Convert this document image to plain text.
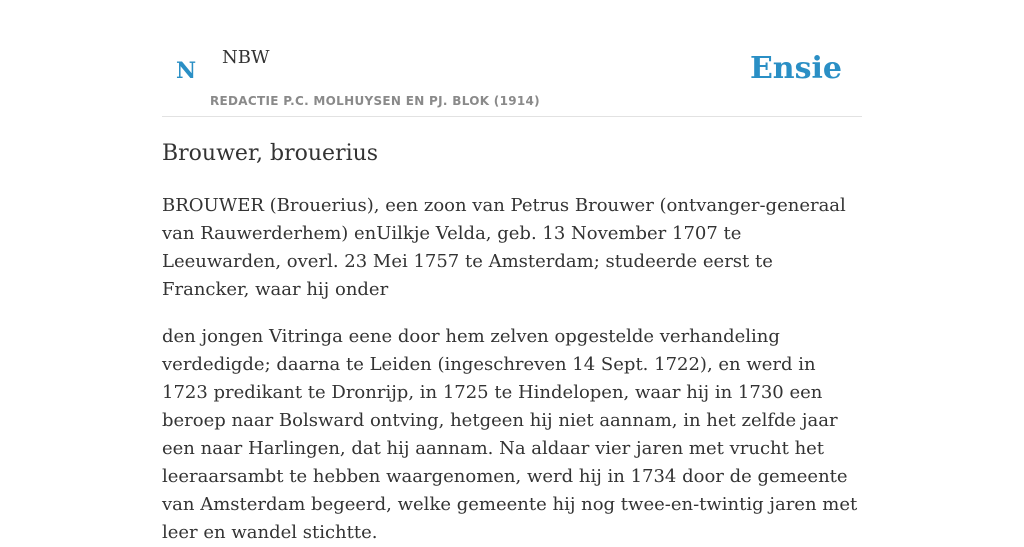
N
NBW
REDACTIE P.C. MOLHUYSEN EN PJ. BLOK (1914)
Ensie
Brouwer, brouerius

BROUWER (Brouerius), een zoon van Petrus Brouwer (ontvanger-generaal van Rauwerderhem) enUilkje Velda, geb. 13 November 1707 te Leeuwarden, overl. 23 Mei 1757 te Amsterdam; studeerde eerst te Francker, waar hij onder

den jongen Vitringa eene door hem zelven opgestelde verhandeling verdedigde; daarna te Leiden (ingeschreven 14 Sept. 1722), en werd in 1723 predikant te Dronrijp, in 1725 te Hindelopen, waar hij in 1730 een beroep naar Bolsward ontving, hetgeen hij niet aannam, in het zelfde jaar een naar Harlingen, dat hij aannam. Na aldaar vier jaren met vrucht het leeraarsambt te hebben waargenomen, werd hij in 1734 door de gemeente van Amsterdam begeerd, welke gemeente hij nog twee-en-twintig jaren met leer en wandel stichtte.
